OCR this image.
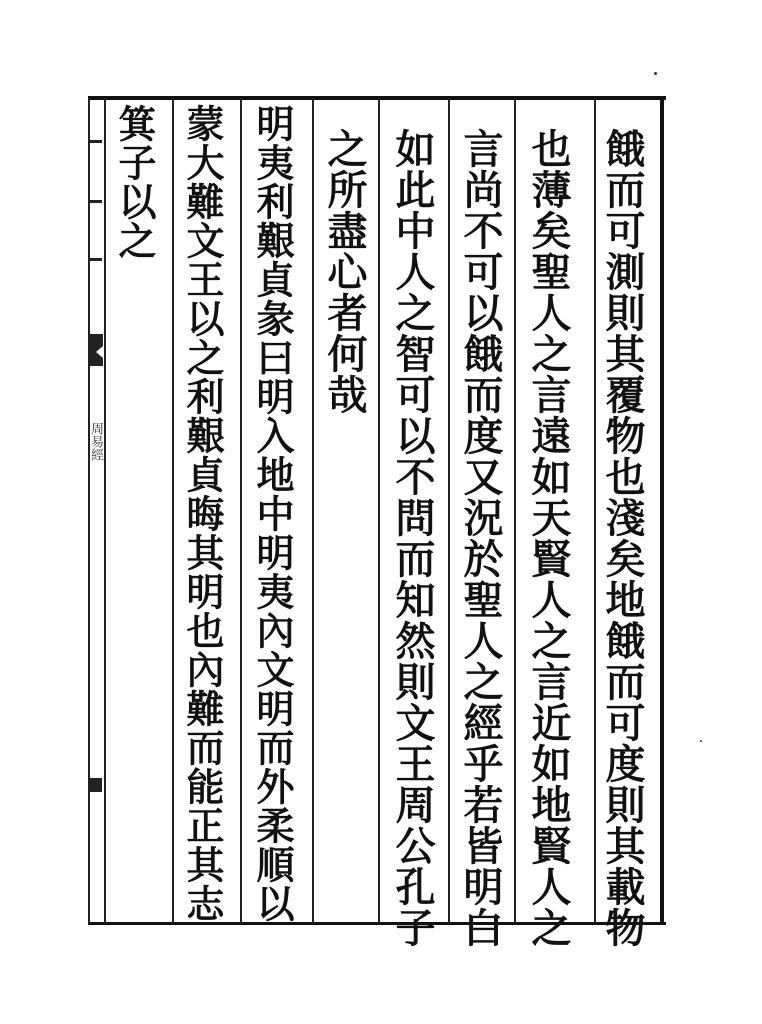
周易經	餓而可測則其覆物也淺矣地餓而可度則其載物
也薄矣聖人之言遠如天賢人之言近如地賢人之
言尚不可以餓而度又況於聖人之經乎若皆明白
如此中人之智可以不問而知然則文王周公孔子
之所盡心者何哉
明夷利艱貞彖曰明入地中明夷內文明而外柔順以
蒙大難文王以之利艱貞晦其明也內難而能正其志
箕子以之
